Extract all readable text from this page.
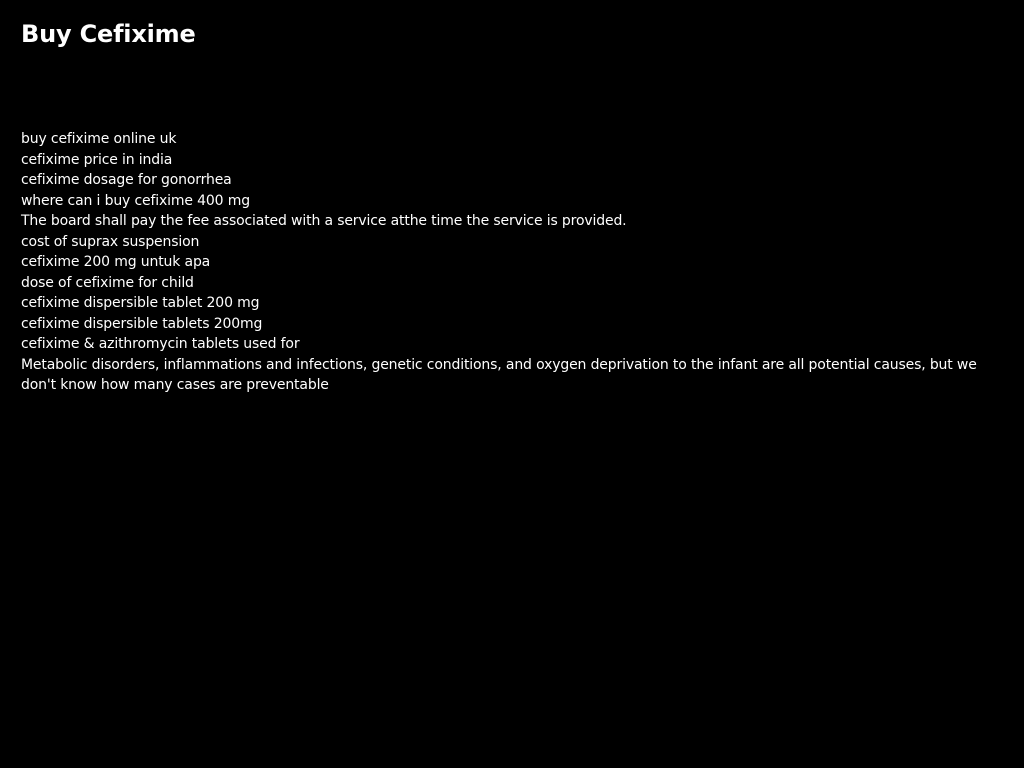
Buy Cefixime
buy cefixime online uk
cefixime price in india
cefixime dosage for gonorrhea
where can i buy cefixime 400 mg
The board shall pay the fee associated with a service atthe time the service is provided.
cost of suprax suspension
cefixime 200 mg untuk apa
dose of cefixime for child
cefixime dispersible tablet 200 mg
cefixime dispersible tablets 200mg
cefixime & azithromycin tablets used for
Metabolic disorders, inflammations and infections, genetic conditions, and oxygen deprivation to the infant are all potential causes, but we don't know how many cases are preventable
